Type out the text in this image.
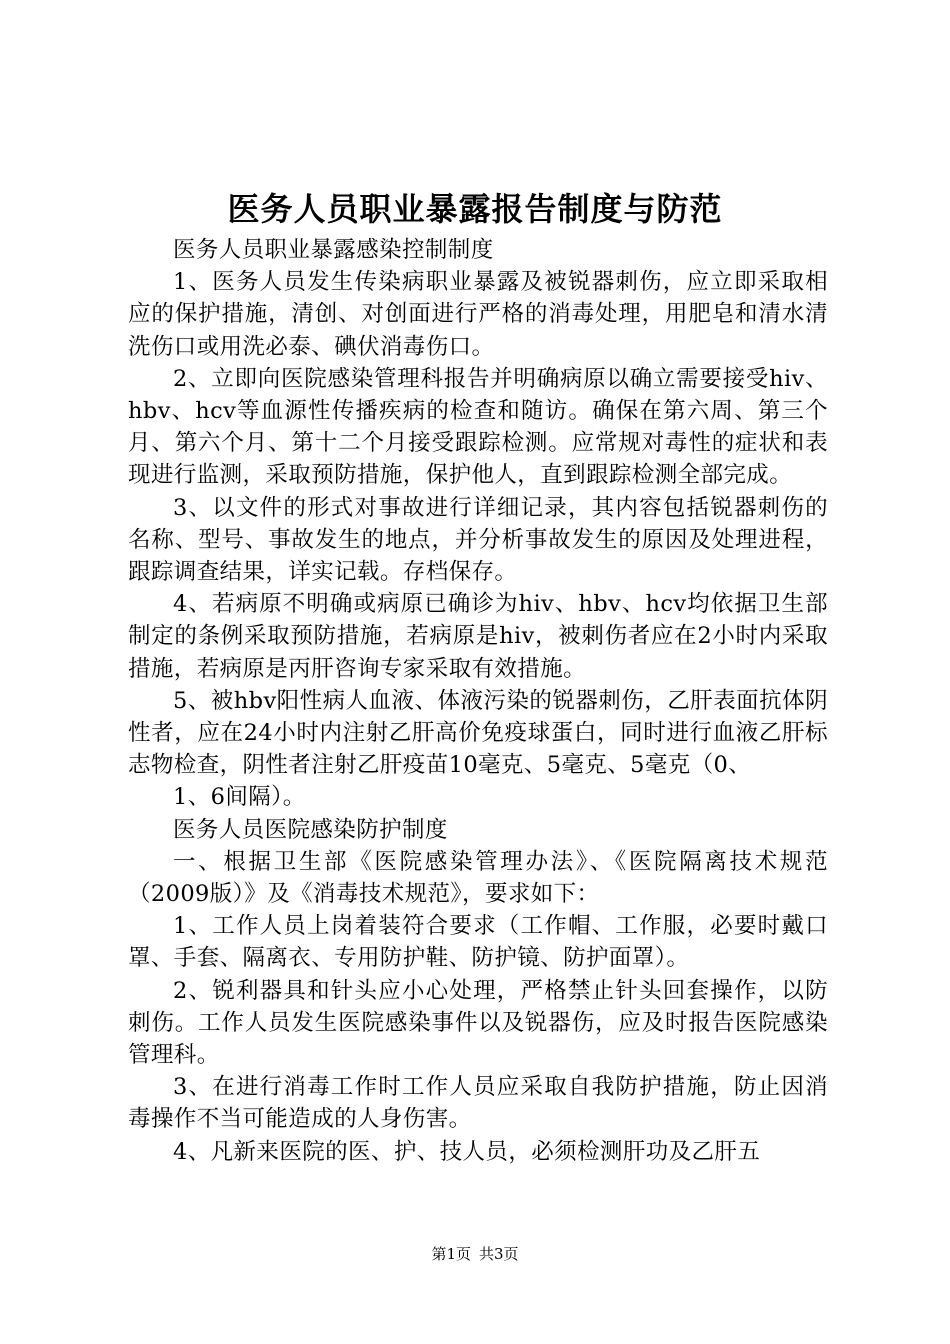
医务人员职业暴露报告制度与防范

医务人员职业暴露感染控制制度

1、医务人员发生传染病职业暴露及被锐器刺伤，应立即采取相应的保护措施，清创、对创面进行严格的消毒处理，用肥皂和清水清洗伤口或用洗必泰、碘伏消毒伤口。

2、立即向医院感染管理科报告并明确病原以确立需要接受hiv、hbv、hcv等血源性传播疾病的检查和随访。确保在第六周、第三个月、第六个月、第十二个月接受跟踪检测。应常规对毒性的症状和表现进行监测，采取预防措施，保护他人，直到跟踪检测全部完成。

3、以文件的形式对事故进行详细记录，其内容包括锐器刺伤的名称、型号、事故发生的地点，并分析事故发生的原因及处理进程，跟踪调查结果，详实记载。存档保存。

4、若病原不明确或病原已确诊为hiv、hbv、hcv均依据卫生部制定的条例采取预防措施，若病原是hiv，被刺伤者应在2小时内采取措施，若病原是丙肝咨询专家采取有效措施。

5、被hbv阳性病人血液、体液污染的锐器刺伤，乙肝表面抗体阴性者，应在24小时内注射乙肝高价免疫球蛋白，同时进行血液乙肝标志物检查，阴性者注射乙肝疫苗10毫克、5毫克、5毫克（0、

1、6间隔）。

医务人员医院感染防护制度

一、根据卫生部《医院感染管理办法》、《医院隔离技术规范（2009版）》及《消毒技术规范》，要求如下：

1、工作人员上岗着装符合要求（工作帽、工作服，必要时戴口罩、手套、隔离衣、专用防护鞋、防护镜、防护面罩）。

2、锐利器具和针头应小心处理，严格禁止针头回套操作，以防刺伤。工作人员发生医院感染事件以及锐器伤，应及时报告医院感染管理科。

3、在进行消毒工作时工作人员应采取自我防护措施，防止因消毒操作不当可能造成的人身伤害。

4、凡新来医院的医、护、技人员，必须检测肝功及乙肝五

第1页 共3页
